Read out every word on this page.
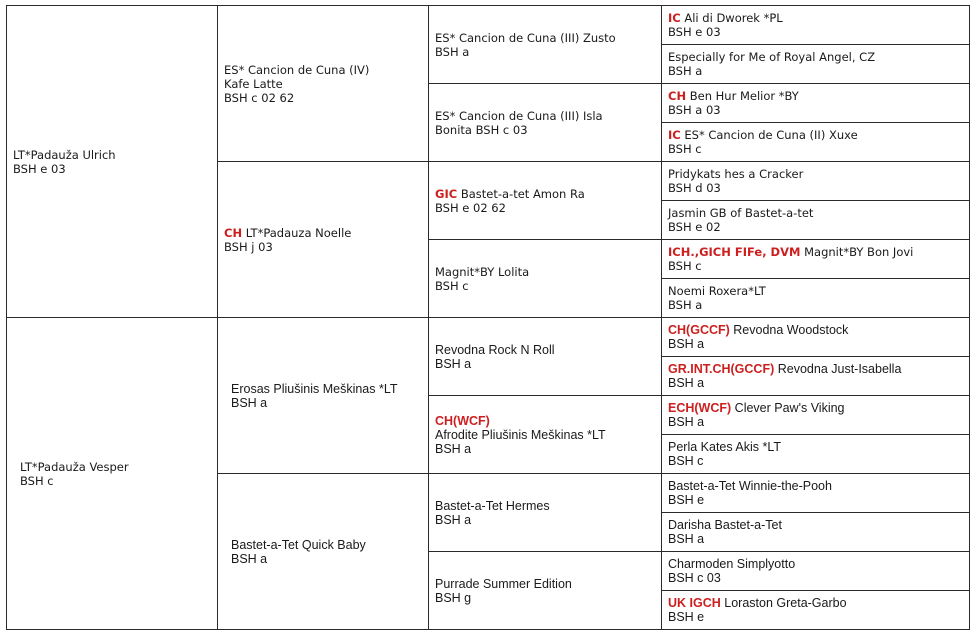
LT*Padauža Ulrich
BSH e 03	ES* Cancion de Cuna (IV)
Kafe Latte
BSH c 02 62	ES* Cancion de Cuna (III) Zusto
BSH a	IC Ali di Dworek *PL
BSH e 03

			Especially for Me of Royal Angel, CZ
BSH a

		ES* Cancion de Cuna (III) Isla
Bonita BSH c 03	CH Ben Hur Melior *BY
BSH a 03

			IC ES* Cancion de Cuna (II) Xuxe
BSH c

	CH LT*Padauza Noelle
BSH j 03	GIC Bastet-a-tet Amon Ra
BSH e 02 62	Pridykats hes a Cracker
BSH d 03

			Jasmin GB of Bastet-a-tet
BSH e 02

		Magnit*BY Lolita
BSH c	ICH.,GICH FIFe, DVM Magnit*BY Bon Jovi
BSH c

			Noemi Roxera*LT
BSH a

LT*Padauža Vesper
BSH c	Erosas Pliušinis Meškinas *LT
BSH a	Revodna Rock N Roll
BSH a	CH(GCCF) Revodna Woodstock
BSH a

			GR.INT.CH(GCCF) Revodna Just-Isabella
BSH a

		CH(WCF)
Afrodite Pliušinis Meškinas *LT
BSH a	ECH(WCF) Clever Paw's Viking
BSH a

			Perla Kates Akis *LT
BSH c

	Bastet-a-Tet Quick Baby
BSH a	Bastet-a-Tet Hermes
BSH a	Bastet-a-Tet Winnie-the-Pooh
BSH e

			Darisha Bastet-a-Tet
BSH a

		Purrade Summer Edition
BSH g	Charmoden Simplyotto
BSH c 03

			UK IGCH Loraston Greta-Garbo
BSH e
